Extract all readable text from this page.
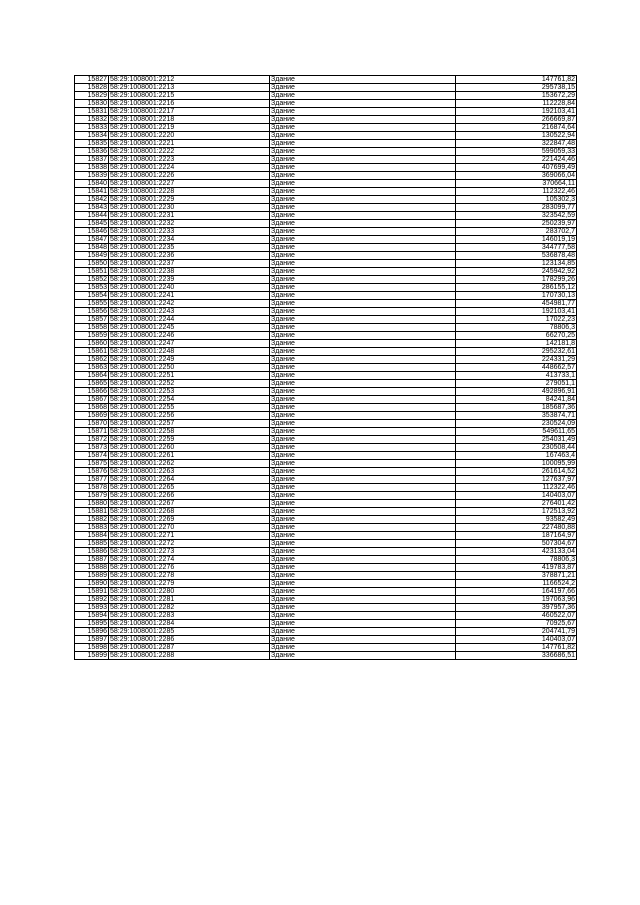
15827	58:29:1008001:2212	Здание	147761,82
15828	58:29:1008001:2213	Здание	295738,15
15829	58:29:1008001:2215	Здание	153672,29
15830	58:29:1008001:2216	Здание	112228,84
15831	58:29:1008001:2217	Здание	192103,41
15832	58:29:1008001:2218	Здание	266669,87
15833	58:29:1008001:2219	Здание	216874,64
15834	58:29:1008001:2220	Здание	130522,94
15835	58:29:1008001:2221	Здание	322847,48
15836	58:29:1008001:2222	Здание	599059,33
15837	58:29:1008001:2223	Здание	221424,46
15838	58:29:1008001:2224	Здание	407699,49
15839	58:29:1008001:2226	Здание	369066,04
15840	58:29:1008001:2227	Здание	370664,11
15841	58:29:1008001:2228	Здание	112322,46
15842	58:29:1008001:2229	Здание	105302,3
15843	58:29:1008001:2230	Здание	283099,77
15844	58:29:1008001:2231	Здание	323542,59
15845	58:29:1008001:2232	Здание	250239,97
15846	58:29:1008001:2233	Здание	283702,7
15847	58:29:1008001:2234	Здание	146019,19
15848	58:29:1008001:2235	Здание	344777,58
15849	58:29:1008001:2236	Здание	536878,48
15850	58:29:1008001:2237	Здание	123134,85
15851	58:29:1008001:2238	Здание	245942,92
15852	58:29:1008001:2239	Здание	178299,26
15853	58:29:1008001:2240	Здание	286155,12
15854	58:29:1008001:2241	Здание	170730,13
15855	58:29:1008001:2242	Здание	454981,77
15856	58:29:1008001:2243	Здание	192103,41
15857	58:29:1008001:2244	Здание	17022,23
15858	58:29:1008001:2245	Здание	78806,3
15859	58:29:1008001:2246	Здание	66270,25
15860	58:29:1008001:2247	Здание	142181,8
15861	58:29:1008001:2248	Здание	295232,61
15862	58:29:1008001:2249	Здание	224331,29
15863	58:29:1008001:2250	Здание	448662,57
15864	58:29:1008001:2251	Здание	413733,1
15865	58:29:1008001:2252	Здание	279051,1
15866	58:29:1008001:2253	Здание	492896,91
15867	58:29:1008001:2254	Здание	84241,84
15868	58:29:1008001:2255	Здание	185687,36
15869	58:29:1008001:2256	Здание	353874,71
15870	58:29:1008001:2257	Здание	230524,09
15871	58:29:1008001:2258	Здание	549611,65
15872	58:29:1008001:2259	Здание	254031,49
15873	58:29:1008001:2260	Здание	230508,44
15874	58:29:1008001:2261	Здание	167463,4
15875	58:29:1008001:2262	Здание	100095,99
15876	58:29:1008001:2263	Здание	261614,52
15877	58:29:1008001:2264	Здание	127637,97
15878	58:29:1008001:2265	Здание	112322,46
15879	58:29:1008001:2266	Здание	140403,07
15880	58:29:1008001:2267	Здание	276401,42
15881	58:29:1008001:2268	Здание	172513,92
15882	58:29:1008001:2269	Здание	93582,49
15883	58:29:1008001:2270	Здание	227480,88
15884	58:29:1008001:2271	Здание	187164,97
15885	58:29:1008001:2272	Здание	507304,67
15886	58:29:1008001:2273	Здание	423133,04
15887	58:29:1008001:2274	Здание	78806,3
15888	58:29:1008001:2276	Здание	419783,87
15889	58:29:1008001:2278	Здание	378871,21
15890	58:29:1008001:2279	Здание	1166524,2
15891	58:29:1008001:2280	Здание	164197,66
15892	58:29:1008001:2281	Здание	197063,96
15893	58:29:1008001:2282	Здание	397957,36
15894	58:29:1008001:2283	Здание	460522,07
15895	58:29:1008001:2284	Здание	70925,67
15896	58:29:1008001:2285	Здание	204741,79
15897	58:29:1008001:2286	Здание	140403,07
15898	58:29:1008001:2287	Здание	147761,82
15899	58:29:1008001:2288	Здание	336686,51
